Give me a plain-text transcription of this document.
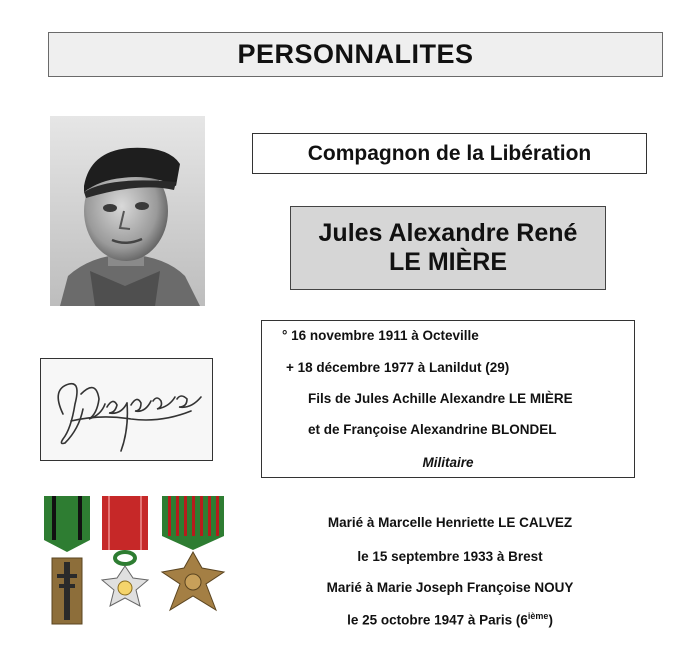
PERSONNALITES
Compagnon de la Libération
Jules Alexandre René
LE MIÈRE
° 16 novembre 1911 à Octeville
+ 18 décembre 1977 à Lanildut (29)
Fils de Jules Achille Alexandre LE MIÈRE
et de Françoise Alexandrine BLONDEL
Militaire
Marié à Marcelle Henriette LE CALVEZ
le 15 septembre 1933 à Brest
Marié à Marie Joseph Françoise NOUY
le 25 octobre 1947 à Paris (6ième)
